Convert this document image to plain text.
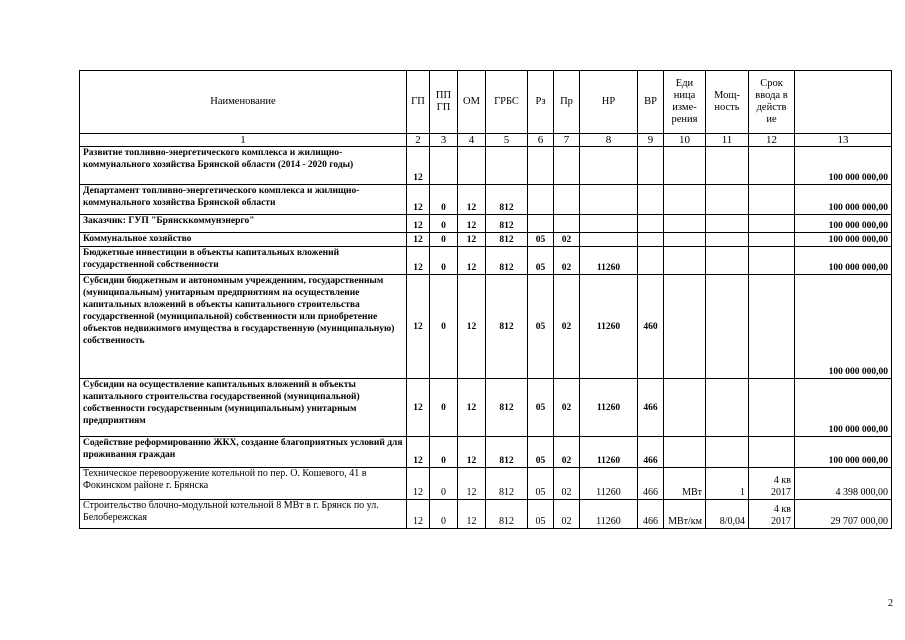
Наименование	ГП	ПП ГП	ОМ	ГРБС	Рз	Пр	НР	ВР	Еди ница изме- рения	Мощ- ность	Срок ввода в действ ие	
1	2	3	4	5	6	7	8	9	10	11	12	13
Развитие топливно-энергетического комплекса и жилищно-коммунального хозяйства Брянской области (2014 - 2020 годы)	12											100 000 000,00
Департамент топливно-энергетического комплекса и жилищно-коммунального хозяйства Брянской области	12	0	12	812								100 000 000,00
Заказчик: ГУП "Брянсккоммунэнерго"	12	0	12	812								100 000 000,00
Коммунальное хозяйство	12	0	12	812	05	02						100 000 000,00
Бюджетные инвестиции в объекты капитальных вложений государственной собственности	12	0	12	812	05	02	11260					100 000 000,00
Субсидии бюджетным и автономным учреждениям, государственным (муниципальным) унитарным предприятиям на осуществление капитальных вложений в объекты капитального строительства государственной (муниципальной) собственности или приобретение объектов недвижимого имущества в государственную (муниципальную) собственность	12	0	12	812	05	02	11260	460				100 000 000,00
Субсидии на осуществление капитальных вложений в объекты капитального строительства государственной (муниципальной) собственности государственным (муниципальным) унитарным предприятиям	12	0	12	812	05	02	11260	466				100 000 000,00
Содействие реформированию ЖКХ, создание благоприятных условий для проживания граждан	12	0	12	812	05	02	11260	466				100 000 000,00
Техническое перевооружение котельной по пер. О. Кошевого, 41 в Фокинском районе г. Брянска	12	0	12	812	05	02	11260	466	МВт	1	4 кв 2017	4 398 000,00
Строительство блочно-модульной котельной 8 МВт в г. Брянск по ул. Белобережская	12	0	12	812	05	02	11260	466	МВт/км	8/0,04	4 кв 2017	29 707 000,00
2
